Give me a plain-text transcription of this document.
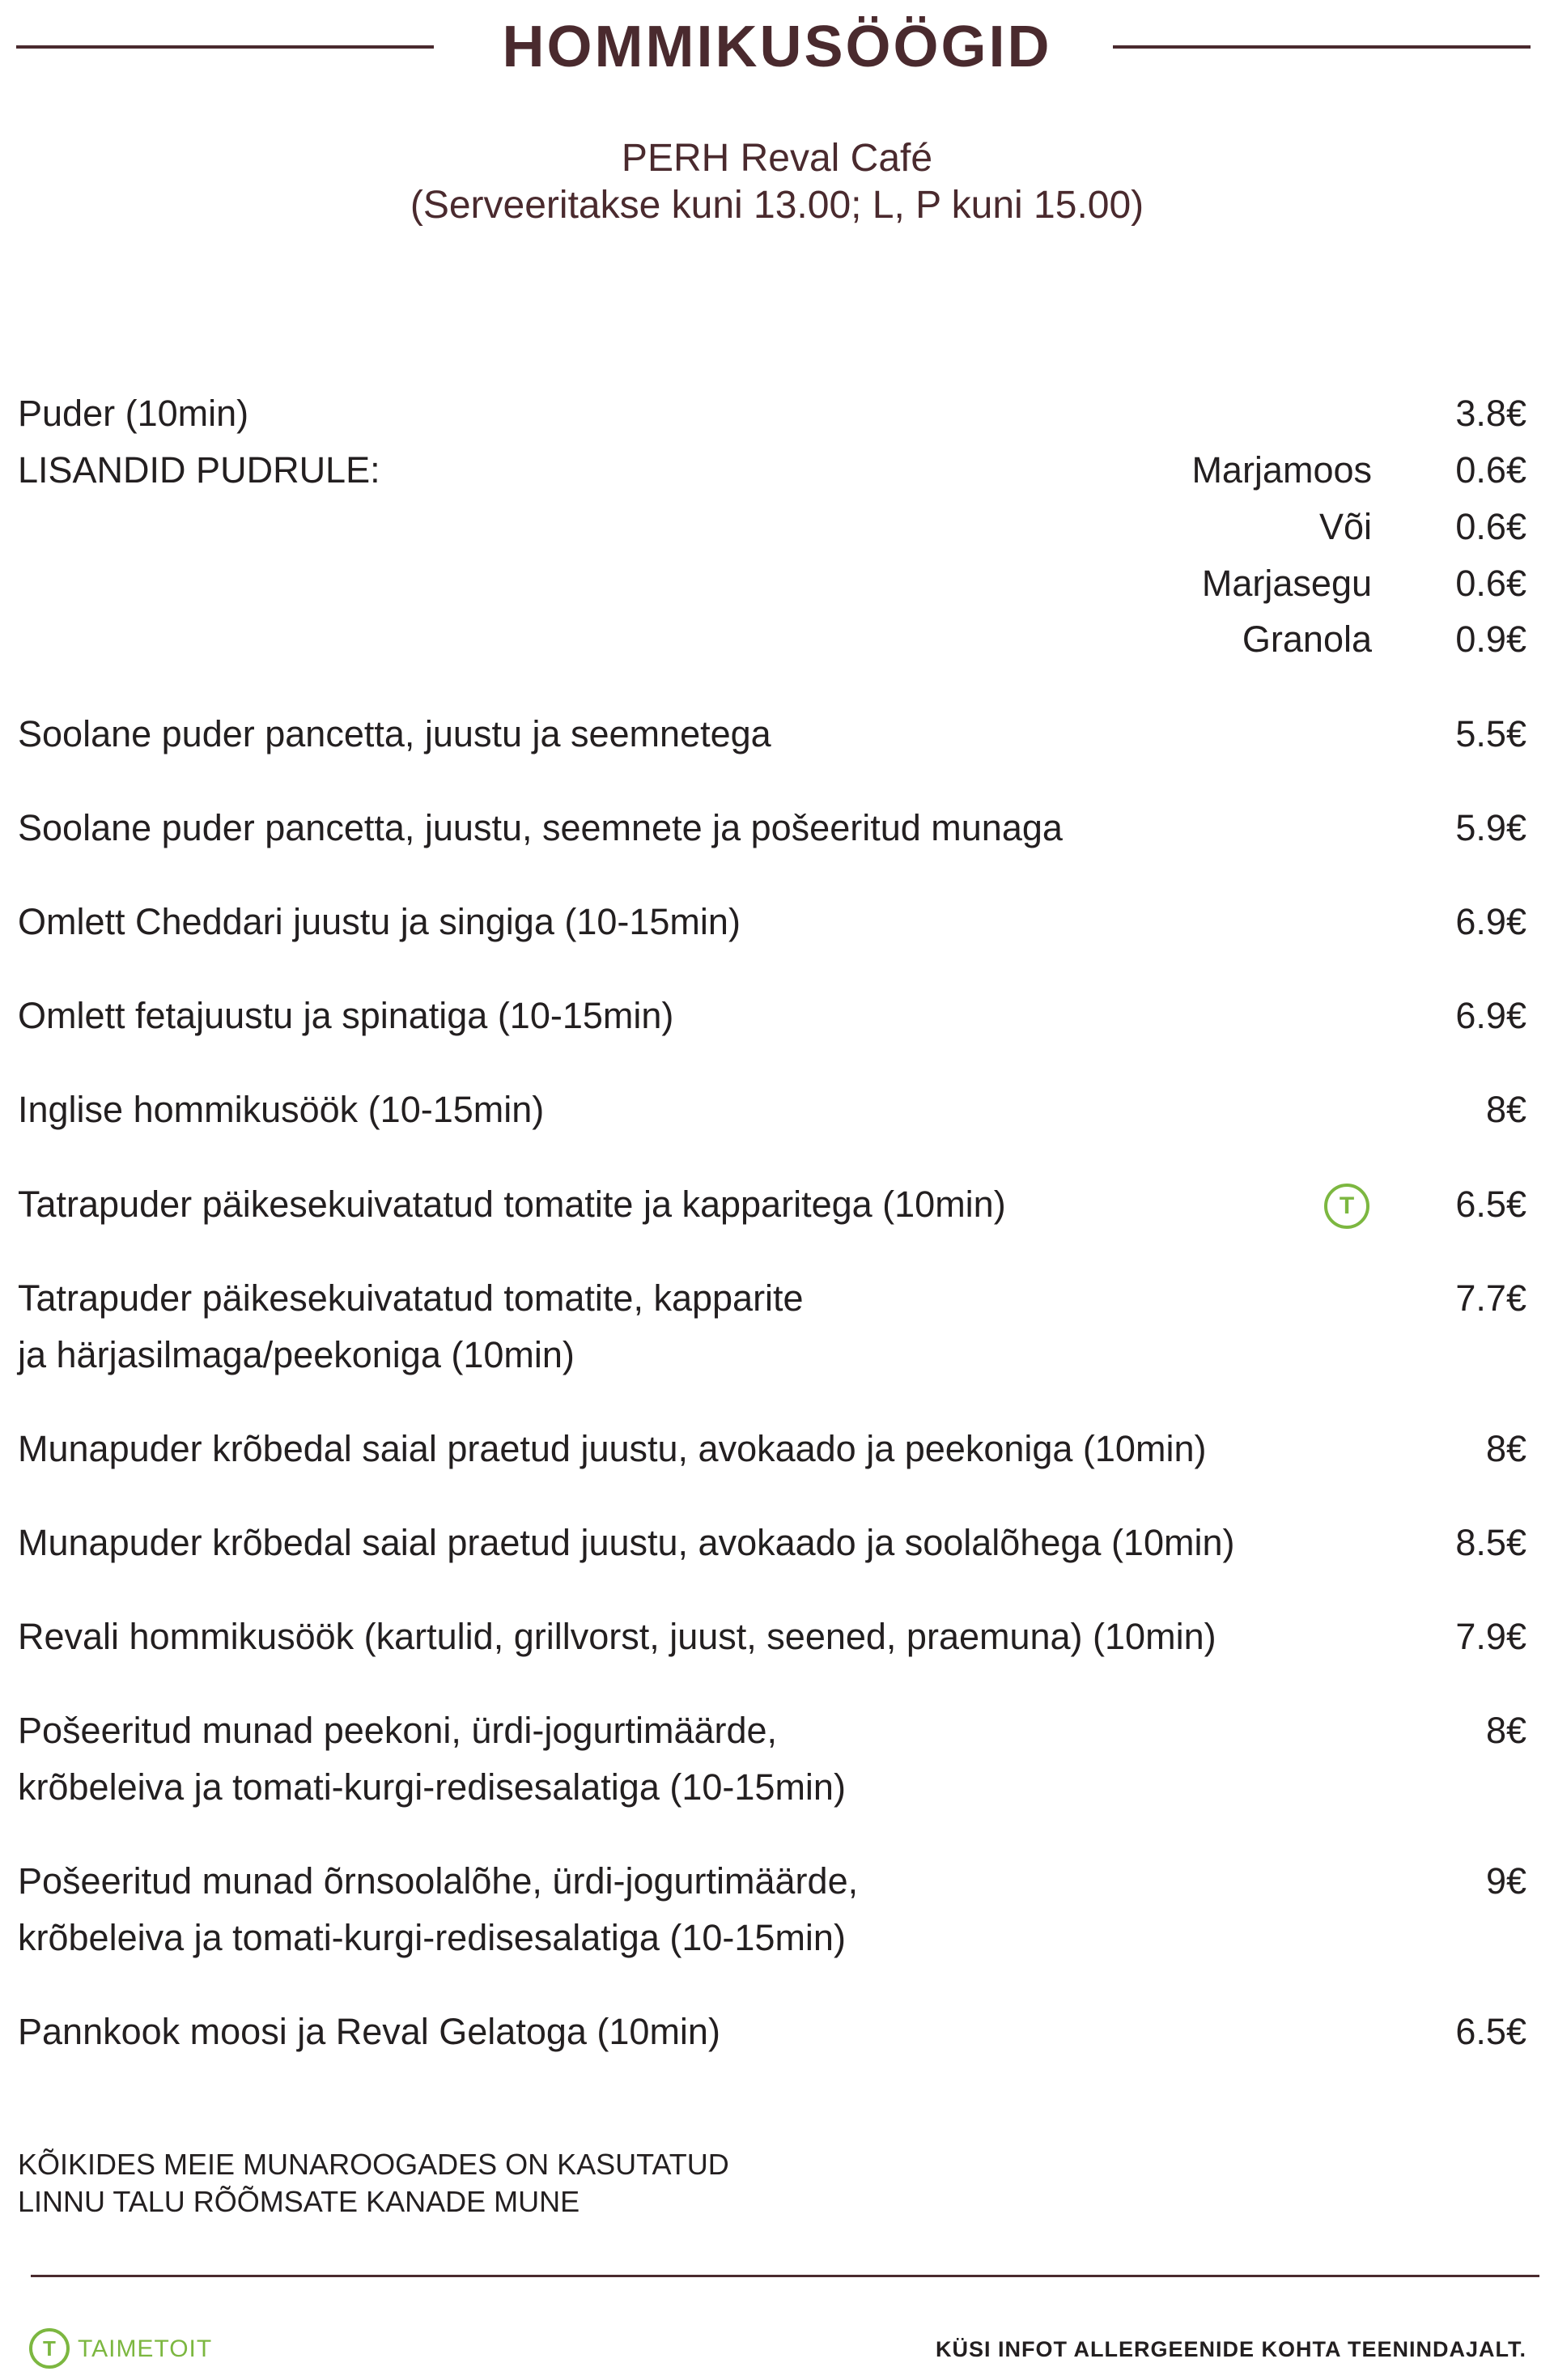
HOMMIKUSÖÖGID
PERH Reval Café
(Serveeritakse kuni 13.00; L, P kuni 15.00)
Puder (10min)	3.8€
LISANDID PUDRULE:	Marjamoos 0.6€
Või 0.6€
Marjasegu 0.6€
Granola 0.9€
Soolane puder pancetta, juustu ja seemnetega	5.5€
Soolane puder pancetta, juustu, seemnete ja pošeeritud munaga	5.9€
Omlett Cheddari juustu ja singiga (10-15min)	6.9€
Omlett fetajuustu ja spinatiga (10-15min)	6.9€
Inglise hommikusöök (10-15min)	8€
Tatrapuder päikesekuivatatud tomatite ja kapparitega (10min)	T	6.5€
Tatrapuder päikesekuivatatud tomatite, kapparite
ja härjasilmaga/peekoniga (10min)
7.7€
Munapuder krõbedal saial praetud juustu, avokaado ja peekoniga (10min)	8€
Munapuder krõbedal saial praetud juustu, avokaado ja soolalõhega (10min)	8.5€
Revali hommikusöök (kartulid, grillvorst, juust, seened, praemuna) (10min)	7.9€
Pošeeritud munad peekoni, ürdi-jogurtimäärde,
krõbeleiva ja tomati-kurgi-redisesalatiga (10-15min)
8€
Pošeeritud munad õrnsoolalõhe, ürdi-jogurtimäärde,
krõbeleiva ja tomati-kurgi-redisesalatiga (10-15min)
9€
Pannkook moosi ja Reval Gelatoga (10min)	6.5€
KÕIKIDES MEIE MUNAROOGADES ON KASUTATUD
LINNU TALU RÕÕMSATE KANADE MUNE
T TAIMETOIT	KÜSI INFOT ALLERGEENIDE KOHTA TEENINDAJALT.
